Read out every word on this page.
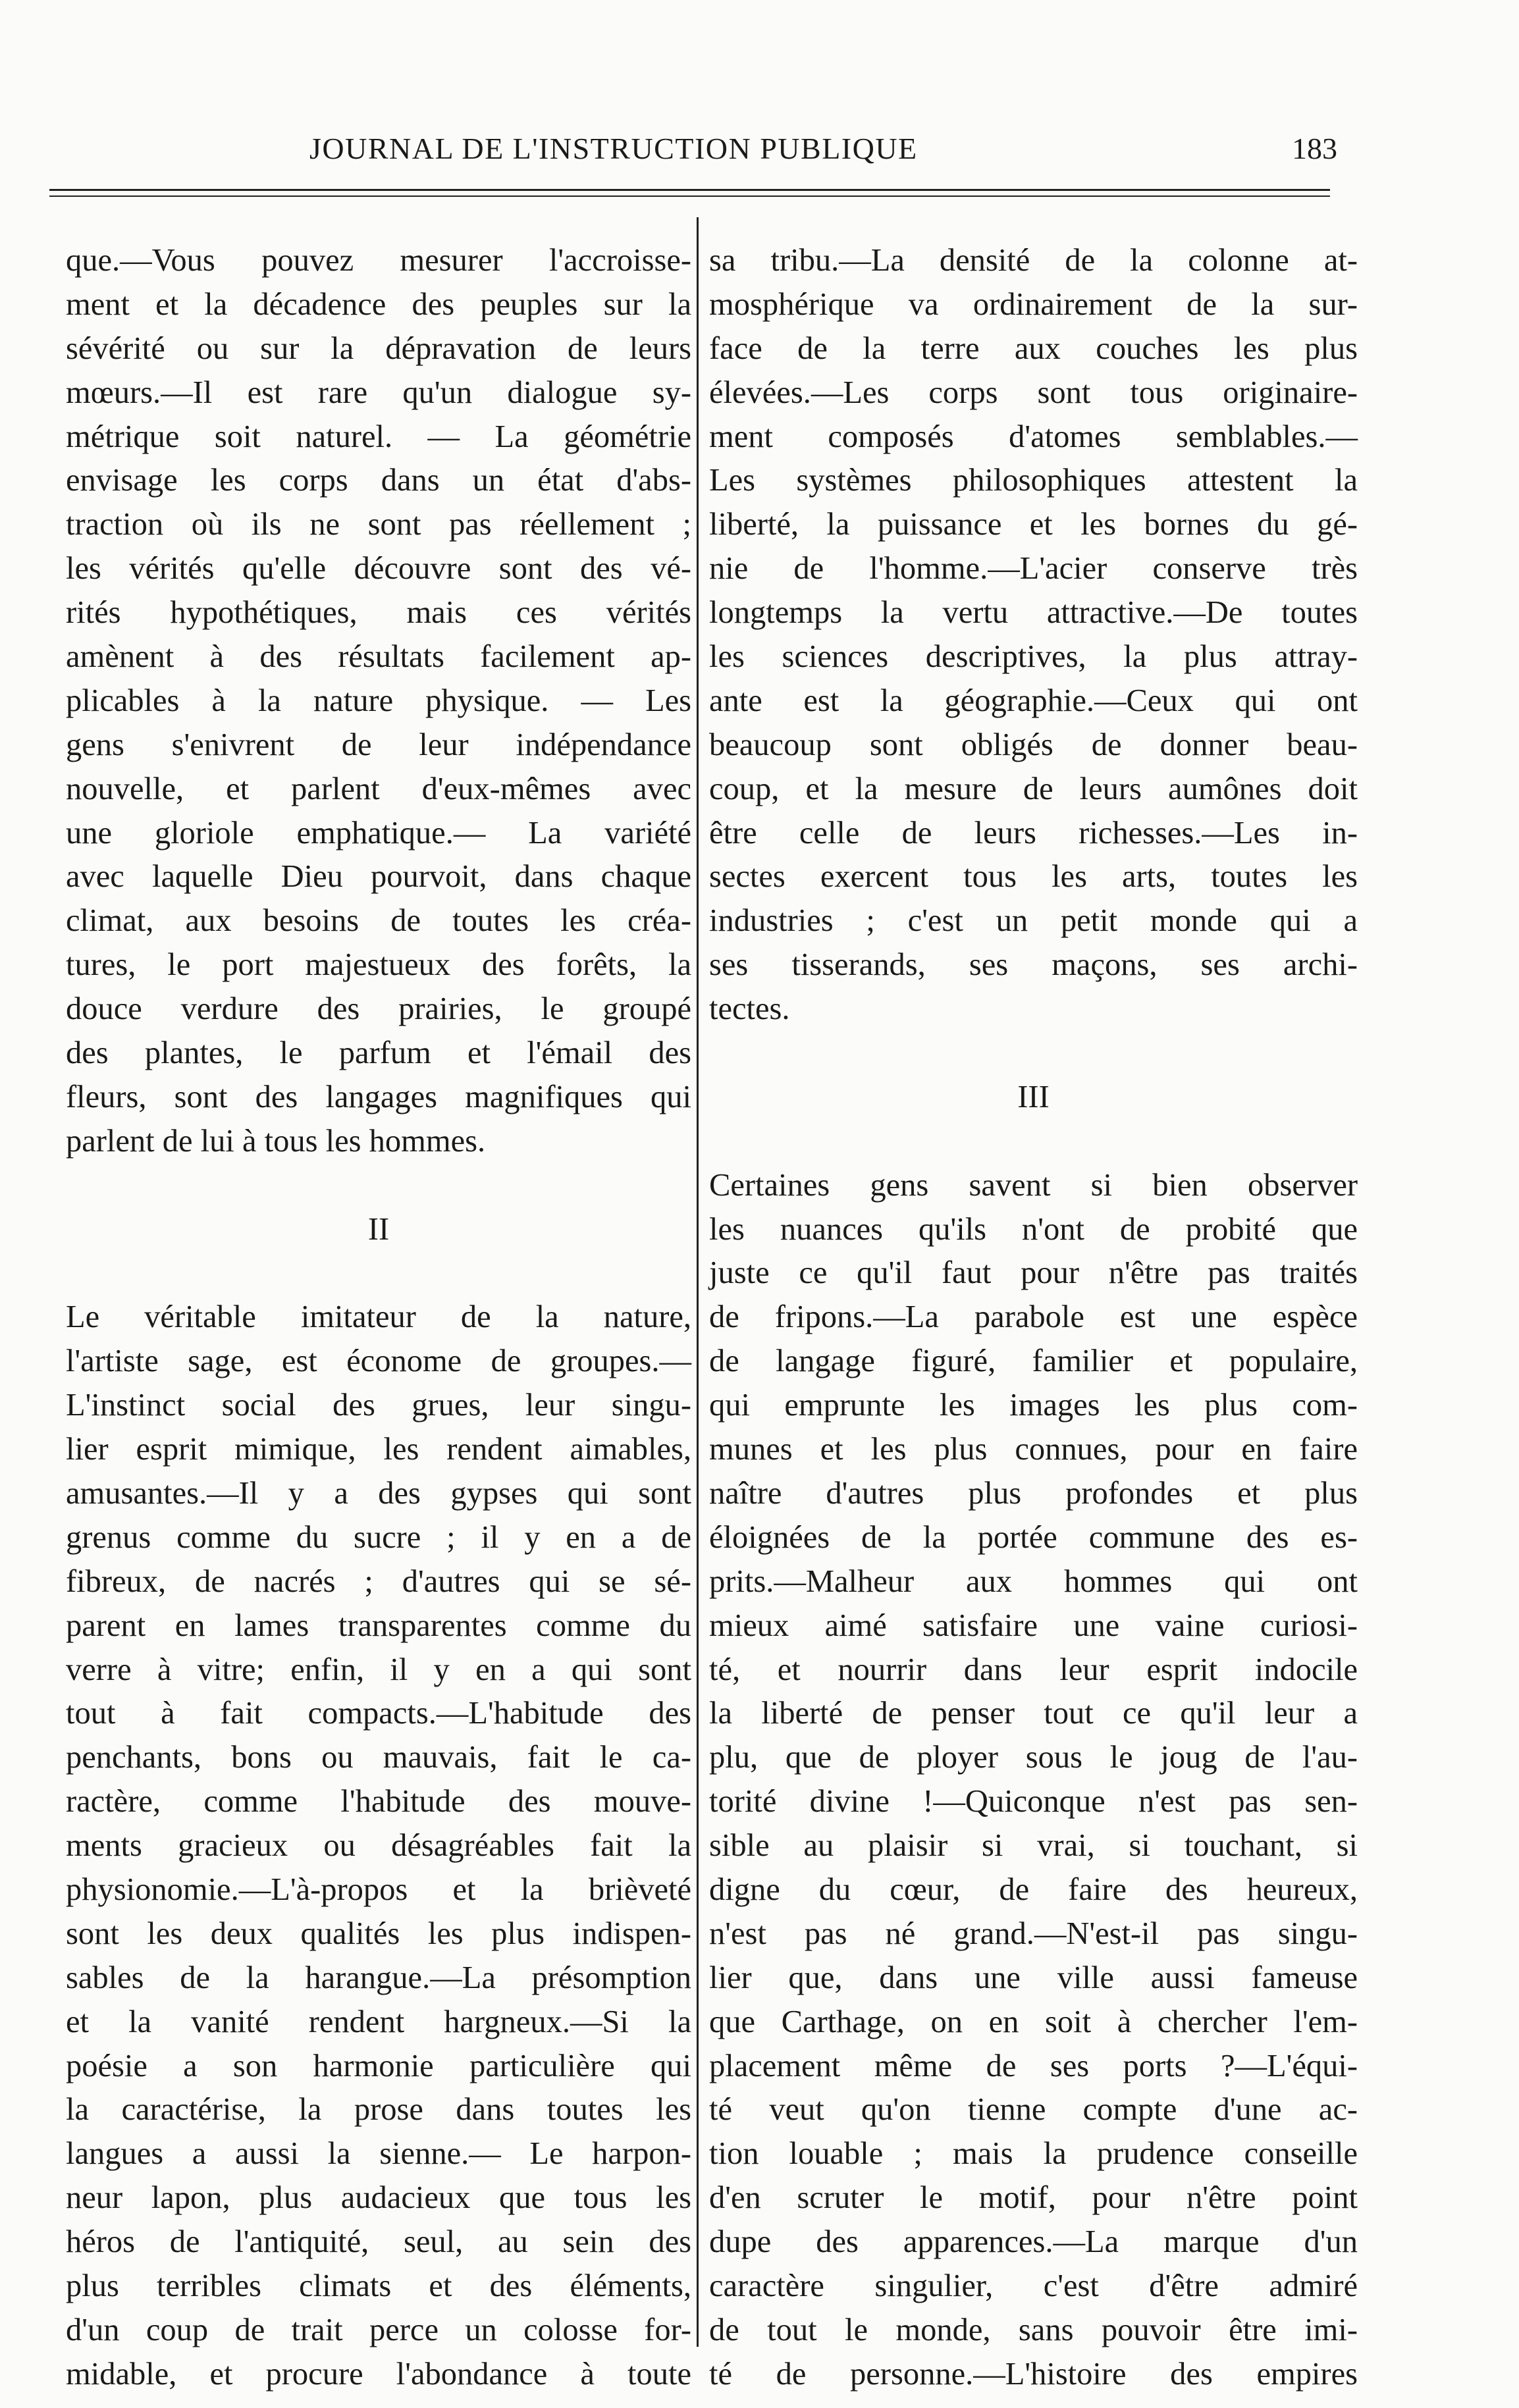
JOURNAL DE L'INSTRUCTION PUBLIQUE	183
que.—Vous pouvez mesurer l'accroisse-
ment et la décadence des peuples sur la
sévérité ou sur la dépravation de leurs
mœurs.—Il est rare qu'un dialogue sy-
métrique soit naturel. — La géométrie
envisage les corps dans un état d'abs-
traction où ils ne sont pas réellement ;
les vérités qu'elle découvre sont des vé-
rités hypothétiques, mais ces vérités
amènent à des résultats facilement ap-
plicables à la nature physique. — Les
gens s'enivrent de leur indépendance
nouvelle, et parlent d'eux-mêmes avec
une gloriole emphatique.— La variété
avec laquelle Dieu pourvoit, dans chaque
climat, aux besoins de toutes les créa-
tures, le port majestueux des forêts, la
douce verdure des prairies, le groupé
des plantes, le parfum et l'émail des
fleurs, sont des langages magnifiques qui
parlent de lui à tous les hommes.
II
Le véritable imitateur de la nature,
l'artiste sage, est économe de groupes.—
L'instinct social des grues, leur singu-
lier esprit mimique, les rendent aimables,
amusantes.—Il y a des gypses qui sont
grenus comme du sucre ; il y en a de
fibreux, de nacrés ; d'autres qui se sé-
parent en lames transparentes comme du
verre à vitre; enfin, il y en a qui sont
tout à fait compacts.—L'habitude des
penchants, bons ou mauvais, fait le ca-
ractère, comme l'habitude des mouve-
ments gracieux ou désagréables fait la
physionomie.—L'à-propos et la brièveté
sont les deux qualités les plus indispen-
sables de la harangue.—La présomption
et la vanité rendent hargneux.—Si la
poésie a son harmonie particulière qui
la caractérise, la prose dans toutes les
langues a aussi la sienne.— Le harpon-
neur lapon, plus audacieux que tous les
héros de l'antiquité, seul, au sein des
plus terribles climats et des éléments,
d'un coup de trait perce un colosse for-
midable, et procure l'abondance à toute
sa tribu.—La densité de la colonne at-
mosphérique va ordinairement de la sur-
face de la terre aux couches les plus
élevées.—Les corps sont tous originaire-
ment composés d'atomes semblables.—
Les systèmes philosophiques attestent la
liberté, la puissance et les bornes du gé-
nie de l'homme.—L'acier conserve très
longtemps la vertu attractive.—De toutes
les sciences descriptives, la plus attray-
ante est la géographie.—Ceux qui ont
beaucoup sont obligés de donner beau-
coup, et la mesure de leurs aumônes doit
être celle de leurs richesses.—Les in-
sectes exercent tous les arts, toutes les
industries ; c'est un petit monde qui a
ses tisserands, ses maçons, ses archi-
tectes.
III
Certaines gens savent si bien observer
les nuances qu'ils n'ont de probité que
juste ce qu'il faut pour n'être pas traités
de fripons.—La parabole est une espèce
de langage figuré, familier et populaire,
qui emprunte les images les plus com-
munes et les plus connues, pour en faire
naître d'autres plus profondes et plus
éloignées de la portée commune des es-
prits.—Malheur aux hommes qui ont
mieux aimé satisfaire une vaine curiosi-
té, et nourrir dans leur esprit indocile
la liberté de penser tout ce qu'il leur a
plu, que de ployer sous le joug de l'au-
torité divine !—Quiconque n'est pas sen-
sible au plaisir si vrai, si touchant, si
digne du cœur, de faire des heureux,
n'est pas né grand.—N'est-il pas singu-
lier que, dans une ville aussi fameuse
que Carthage, on en soit à chercher l'em-
placement même de ses ports ?—L'équi-
té veut qu'on tienne compte d'une ac-
tion louable ; mais la prudence conseille
d'en scruter le motif, pour n'être point
dupe des apparences.—La marque d'un
caractère singulier, c'est d'être admiré
de tout le monde, sans pouvoir être imi-
té de personne.—L'histoire des empires
